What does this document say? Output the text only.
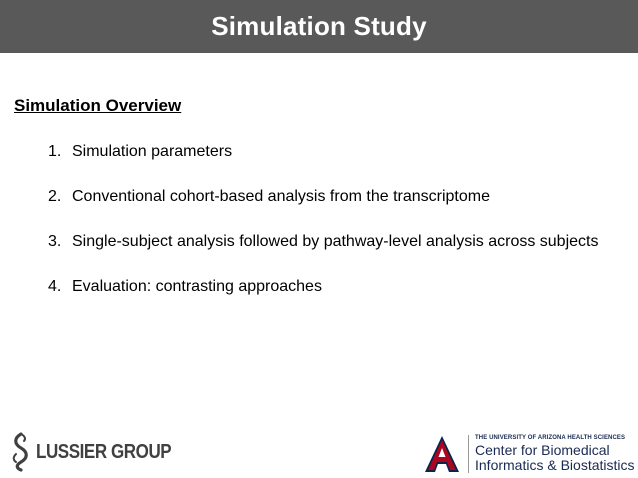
Simulation Study
Simulation Overview
1. Simulation parameters
2. Conventional cohort-based analysis from the transcriptome
3. Single-subject analysis followed by pathway-level analysis across subjects
4. Evaluation: contrasting approaches
LUSSIER GROUP
THE UNIVERSITY OF ARIZONA HEALTH SCIENCES
Center for Biomedical
Informatics & Biostatistics
